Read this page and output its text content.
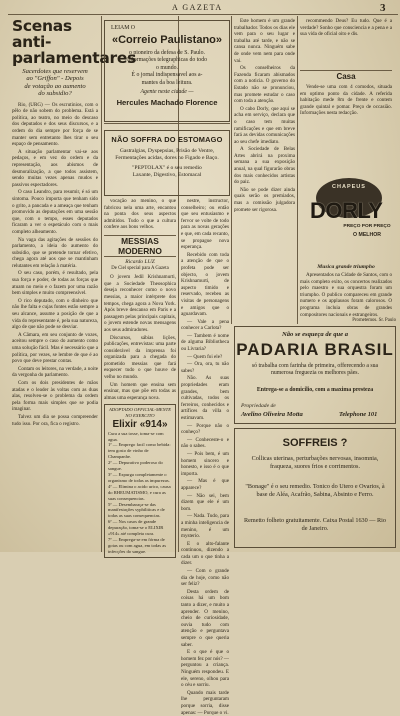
A GAZETA	3
Scenas anti-
parlamentares
Sacerdotes que reservem
ao "Griffon" - Depois
de votação ao aumento
do subsidio?

Rio, (URG) — Os escrutinios, com o pêlo de não sobem do problema. Está a política, ao teatro, no meio do descaso dos deputados e dos seus discursos, e a ordem do dia sempre por força de se manter sem entretanto lhes tirar o seu espaço de pensamento.

A situação parlamentar vai-se aos pedaços, e em vez do ordem e da representação, aos abismos de desmoralização, a que todos assistem, sendo muitas vezes apenas mudos e passivos espectadores.

O caso Leandro, para resumir, é só um sintoma. Pouco importa que tenham sido o grito, a pancada e a ameaça que tenham promovido as deputações em uma sessão que, com o tempo, esses deputados ficaram a ver o espetáculo com o mais completo alheamento.

Na vaga das agitações de sessões do parlamento, a ideia do aumento do subsídio, que se pretende tornar efetivo, chega agora até aos que se mantinham relutantes em relação à matéria.

O seu caso, porém, é resultado, pela sua força e poder, de todas as forças que atuam no meio e o fazem por uma razão bem simples e muito compreensível.

O rico deputado, com o dinheiro que não lhe falta e cujas fontes estão sempre a seu alcance, assume a posição de que a vida do representante é, pela sua natureza, algo de que não pode se desviar.

A Câmara, em seu conjunto de vozes, aceitou sempre o caso do aumento como uma solução fácil. Mas é necessário que a política, por vezes, se lembre de que é ao povo que deve prestar contas.

Contam os leitores, na verdade, a noite da vergonha do parlamento.

Com os dois presidentes de mãos atadas e o leader às voltas com as duas alas, resolveu-se o problema da ordem pela forma mais simples que se podia imaginar.

Talvez um dia se possa compreender tudo isso. Por ora, fica o registro.

LEIAM O
«Correio Paulistano»
o pioneiro da defesa de S. Paulo.
Informações telegraphicas do todo
o mundo.
É o jornal indispensavel aos a-
mantes da boa leitura.
Agente neste cidade —
Hercules Machado Florence
NÃO SOFFRA DO ESTOMAGO
Gastralgias, Dyspepsias, Prisão de Ventre,
Fermentações acidas, dores no Figado e Baço.
"PEPTOLAX" é o seu remedio
Laxante, Digestivo, Estomacal

vocação ao menino, o que fabricou nela uma arte, encantou na ponta dos seus aspectos admitidos. Tudo o que a cultura confere aos bons velhos.

MESSIAS MODERNO
Ricardo LUZ
De Ciel special para A Gazeta

O jovem Jedil Krishnamurti, que a Sociedade Theosophica deseja reconhecer como o novo messias, a maior intérprete dos tempos, chega agora a Nova York. Após breve descanso em Paris e a passagem pelas principais capitais, o jovem estende novas mensagens aos seus admiradores.

Discursos, sábias lições, publicações, entrevistas: uma parte considerável da imprensa foi organizada para a chegada do prometido messias que fará esquecer tudo o que houve de velho no mundo.

Um homem que ensina sem ensinar, mas que põe em todas as almas uma esperança nova.

ADOPTADO OFFICIAL-MENTE NO EXERCITO
Elixir «914»
Cura a sua tosse, toma-se com agua.
1ª — Emprego facil como bebida: tem gosto de vinho de Champanhe.
2ª — Depurativo poderoso do sangue.
3ª — Expurga completamente o organismo de todas as impurezas.
4ª — Elimina o acido urico, causa do RHEUMATISMO, e cura as suas consequencias.
5ª — Desembaraça-se das manifestações syphiliticas e de todas as suas consequencias.
6ª — Nos casos de grande depuração, toma-se o ELIXIR «914» até completa cura.
7ª — Emprega-se em fórma de gotas ou com agua, em todas as infecções do sangue.

nestre, instructor, conselheiro; ou então que seu entusiasmo e fervor se volte de todo para as novas gerações e que, em cada recanto, se propague nova esperança.

Recebido com toda a atenção de que o profeta pode ser objecto, o jovem Krishnamurti, de aspecto timido e reservado, recebeu as visitas de personagens e amigos que o aguardavam.

— Vale a pena conhecer a Carlota?

— Tambem é nome de alguma Bibliotheca ou Livraria?

— Quem foi ele?

— Ora, ora, tu não sabes?

Não. As suas propriedades eram grandes, bem cultivadas, todos os ferreiros, conhecidos e artífices da villa o estimavam.

— Porque não o conheço?

— Conheceste-o e não o sabes.

— Pois bem, é um homem sincero e honesto, e isso é o que importa.

— Mas é que apparece?

— Não sei, bem dizem que ele é um bom.

— Nada. Tudo, para a minha inteligencia de menino, é um mysterio.

E o alto-falante continuou, dizendo a cada um o que tinha a dizer.

— Com o grande dia de hoje, como não ser feliz?

Desta ordem de coisas há um bom tanto a dizer, e muito a aprender. O menino, cheio de curiosidade, ouvia tudo com atenção e perguntava sempre o que queria saber.

E o que é que o homem fez por nós? — perguntou a criança. Ninguém respondeu. E ele, sereno, olhou para o céu e sorriu.

Quando mais tarde lhe perguntaram porque sorria, disse apenas: — Porque o vi.

Este homem é um grande trabalhador. Todos os dias ele vem para o seu lugar e trabalha até tarde, e não se cansa nunca. Ninguém sabe de onde vem nem para onde vai.

Os conselheiros da Fazenda ficaram abismados com a noticia. O governo do Estado não se pronunciou, mas promete estudar o caso com toda a atenção.

O cabo Dorly, que aqui se acha em serviço, declara que o caso tem muitas ramificações e que em breve fará as devidas comunicações ao seu chefe imediato.

A Sociedade de Belas Artes abrirá na proxima semana a sua exposição anual, na qual figurarão obras dos mais conhecidos artistas do paiz.

Não se pode dizer ainda quais serão os premiados, mas a comissão julgadora promete ser rigorosa.

recommendo Deus? Eu tudo. Que é a verdade? Sonho que consciencia e a pena e a sua vida de oficial oito e dis.

Casa

Vende-se uma com 4 comodos, situada em optimo ponto da cidade. A referida habitação mede 8m de frente e contem grande quintal e pomar. Preço de occasião. Informações nesta redacção.

CHAPEUS
DORLY
PREÇO POR PREÇO
O MELHOR
Musica grande triumpho

Apresentados na Cidade de Santos, com o mais completo exito, os concertos realizados pelo maestro e sua orquestra foram um triumpho. O publico compareceu em grande numero e os applausos foram calorosos. O programa incluia obras de grandes compositores nacionais e estrangeiros.

Prometemos. Sr. Paulo
Não se esqueça de que a
PADARIA BRASIL
só trabalha com farinha de primeira, offerecendo a sua numerosa freguezia os melhores pães.
Entrega-se a domicilio, com a maxima presteza
Propriedade de
Avelino Oliveira Motta	Telephone 101
SOFFREIS ?
Collicas uterinas, perturbações nervosas, insomnia, fraqueza, suores frios e corrimentos.
"Bonage" é o seu remedio. Tonico do Utero e Ovarios, à base de Aléa, Acafrão, Sabina, Absinto e Ferro.
Remetto folheto gratuitamente. Caixa Postal 1630 — Rio de Janeiro.
